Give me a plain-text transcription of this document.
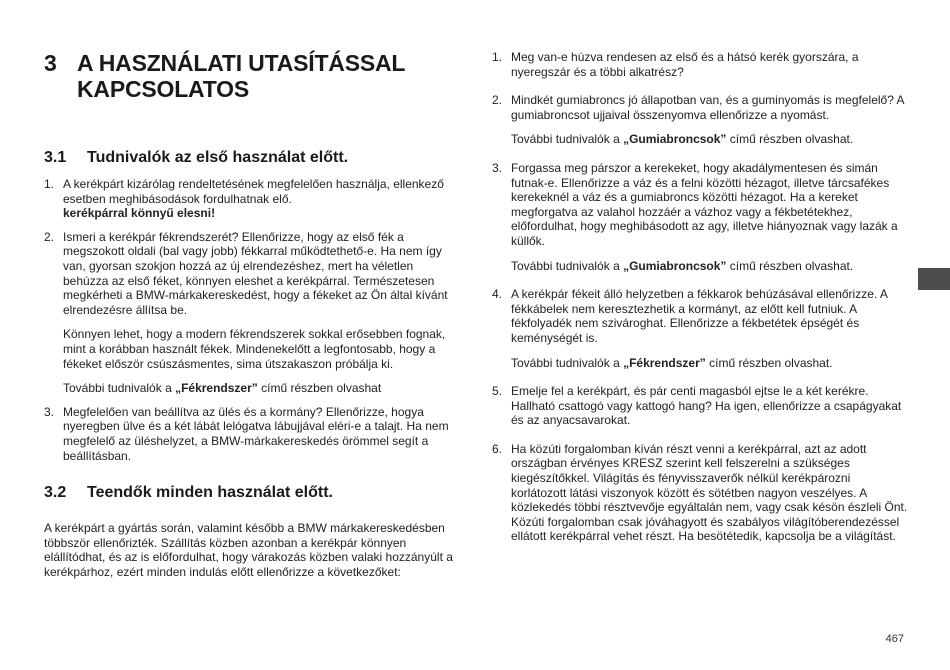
3 A HASZNÁLATI UTASÍTÁSSAL
KAPCSOLATOS
3.1	Tudnivalók az első használat előtt.
1. A kerékpárt kizárólag rendeltetésének megfelelően használja, ellenkező esetben meghibásodások fordulhatnak elő.
kerékpárral könnyű elesni!

2. Ismeri a kerékpár fékrendszerét? Ellenőrizze, hogy az első fék a megszokott oldali (bal vagy jobb) fékkarral működtethető-e. Ha nem így van, gyorsan szokjon hozzá az új elrendezéshez, mert ha véletlen behúzza az első féket, könnyen eleshet a kerékpárral. Természetesen megkérheti a BMW-márkakereskedést, hogy a fékeket az Ön által kívánt elrendezésre állítsa be.

Könnyen lehet, hogy a modern fékrendszerek sokkal erősebben fognak, mint a korábban használt fékek. Mindenekelőtt a legfontosabb, hogy a fékeket először csúszásmentes, sima útszakaszon próbálja ki.

További tudnivalók a „Fékrendszer” című részben olvashat

3. Megfelelően van beállítva az ülés és a kormány? Ellenőrizze, hogya nyeregben ülve és a két lábát lelógatva lábujjával eléri-e a talajt. Ha nem megfelelő az üléshelyzet, a BMW-márkakereskedés örömmel segít a beállításban.

3.2	Teendők minden használat előtt.

A kerékpárt a gyártás során, valamint később a BMW márkakereskedésben többször ellenőrizték. Szállítás közben azonban a kerékpár könnyen elállítódhat, és az is előfordulhat, hogy várakozás közben valaki hozzányúlt a kerékpárhoz, ezért minden indulás előtt ellenőrizze a következőket:

1. Meg van-e húzva rendesen az első és a hátsó kerék gyorszára, a nyeregszár és a többi alkatrész?

2. Mindkét gumiabroncs jó állapotban van, és a guminyomás is megfelelő? A gumiabroncsot ujjaival összenyomva ellenőrizze a nyomást.

További tudnivalók a „Gumiabroncsok” című részben olvashat.

3. Forgassa meg párszor a kerekeket, hogy akadálymentesen és simán futnak-e. Ellenőrizze a váz és a felni közötti hézagot, illetve tárcsafékes kerekeknél a váz és a gumiabroncs közötti hézagot. Ha a kereket megforgatva az valahol hozzáér a vázhoz vagy a fékbetétekhez, előfordulhat, hogy meghibásodott az agy, illetve hiányoznak vagy lazák a küllők.

További tudnivalók a „Gumiabroncsok” című részben olvashat.

4. A kerékpár fékeit álló helyzetben a fékkarok behúzásával ellenőrizze. A fékkábelek nem keresztezhetik a kormányt, az előtt kell futniuk. A fékfolyadék nem szivároghat. Ellenőrizze a fékbetétek épségét és keménységét is.

További tudnivalók a „Fékrendszer” című részben olvashat.

5. Emelje fel a kerékpárt, és pár centi magasból ejtse le a két kerékre. Hallható csattogó vagy kattogó hang? Ha igen, ellenőrizze a csapágyakat és az anyacsavarokat.

6. Ha közúti forgalomban kíván részt venni a kerékpárral, azt az adott országban érvényes KRESZ szerint kell felszerelni a szükséges kiegészítőkkel. Világítás és fényvisszaverők nélkül kerékpározni korlátozott látási viszonyok között és sötétben nagyon veszélyes. A közlekedés többi résztvevője egyáltalán nem, vagy csak késön észleli Önt. Közúti forgalomban csak jóváhagyott és szabályos világítóberendezéssel ellátott kerékpárral vehet részt. Ha besötétedik, kapcsolja be a világítást.

467
